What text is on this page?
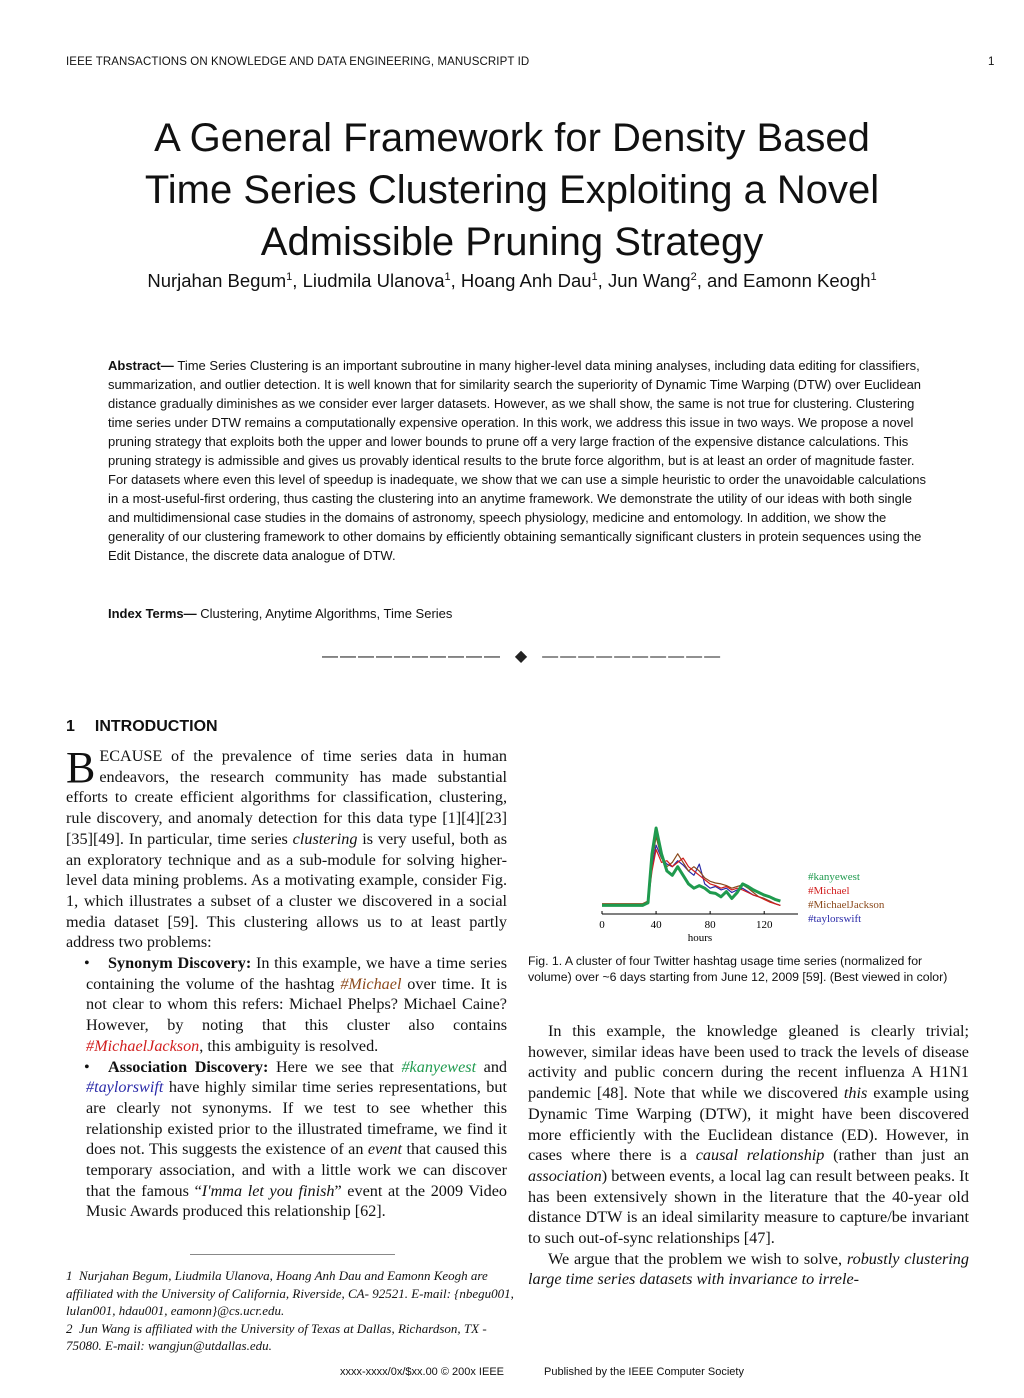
IEEE TRANSACTIONS ON KNOWLEDGE AND DATA ENGINEERING, MANUSCRIPT ID	1
A General Framework for Density Based
Time Series Clustering Exploiting a Novel
Admissible Pruning Strategy
Nurjahan Begum$^1$, Liudmila Ulanova$^1$, Hoang Anh Dau$^1$, Jun Wang$^2$, and Eamonn Keogh$^1$

Abstract— Time Series Clustering is an important subroutine in many higher-level data mining analyses, including data editing for classifiers, summarization, and outlier detection. It is well known that for similarity search the superiority of Dynamic Time Warping (DTW) over Euclidean distance gradually diminishes as we consider ever larger datasets. However, as we shall show, the same is not true for clustering. Clustering time series under DTW remains a computationally expensive operation. In this work, we address this issue in two ways. We propose a novel pruning strategy that exploits both the upper and lower bounds to prune off a very large fraction of the expensive distance calculations. This pruning strategy is admissible and gives us provably identical results to the brute force algorithm, but is at least an order of magnitude faster. For datasets where even this level of speedup is inadequate, we show that we can use a simple heuristic to order the unavoidable calculations in a most-useful-first ordering, thus casting the clustering into an anytime framework. We demonstrate the utility of our ideas with both single and multidimensional case studies in the domains of astronomy, speech physiology, medicine and entomology. In addition, we show the generality of our clustering framework to other domains by efficiently obtaining semantically significant clusters in protein sequences using the Edit Distance, the discrete data analogue of DTW.

Index Terms— Clustering, Anytime Algorithms, Time Series
——————————  ◆  ——————————
1 INTRODUCTION

BECAUSE of the prevalence of time series data in human endeavors, the research community has made substantial efforts to create efficient algorithms for classification, clustering, rule discovery, and anomaly detection for this data type [1][4][23][35][49]. In particular, time series clustering is very useful, both as an exploratory technique and as a sub-module for solving higher-level data mining problems. As a motivating example, consider Fig. 1, which illustrates a subset of a cluster we discovered in a social media dataset [59]. This clustering allows us to at least partly address two problems:

• Synonym Discovery: In this example, we have a time series containing the volume of the hashtag #Michael over time. It is not clear to whom this refers: Michael Phelps? Michael Caine? However, by noting that this cluster also contains #MichaelJackson, this ambiguity is resolved.

• Association Discovery: Here we see that #kanyewest and #taylorswift have highly similar time series representations, but are clearly not synonyms. If we test to see whether this relationship existed prior to the illustrated timeframe, we find it does not. This suggests the existence of an event that caused this temporary association, and with a little work we can discover that the famous “I'mma let you finish” event at the 2009 Video Music Awards produced this relationship [62].

0	40	80	120
hours
#kanyewest
#Michael
#MichaelJackson
#taylorswift
Fig. 1. A cluster of four Twitter hashtag usage time series (normalized for volume) over ~6 days starting from June 12, 2009 [59]. (Best viewed in color)

In this example, the knowledge gleaned is clearly trivial; however, similar ideas have been used to track the levels of disease activity and public concern during the recent influenza A H1N1 pandemic [48]. Note that while we discovered this example using Dynamic Time Warping (DTW), it might have been discovered more efficiently with the Euclidean distance (ED). However, in cases where there is a causal relationship (rather than just an association) between events, a local lag can result between peaks. It has been extensively shown in the literature that the 40-year old distance DTW is an ideal similarity measure to capture/be invariant to such out-of-sync relationships [47].

We argue that the problem we wish to solve, robustly clustering large time series datasets with invariance to irrele-

1 Nurjahan Begum, Liudmila Ulanova, Hoang Anh Dau and Eamonn Keogh are affiliated with the University of California, Riverside, CA- 92521. E-mail: {nbegu001, lulan001, hdau001, eamonn}@cs.ucr.edu.

2 Jun Wang is affiliated with the University of Texas at Dallas, Richardson, TX - 75080. E-mail: wangjun@utdallas.edu.

xxxx-xxxx/0x/$xx.00 © 200x IEEE	Published by the IEEE Computer Society
